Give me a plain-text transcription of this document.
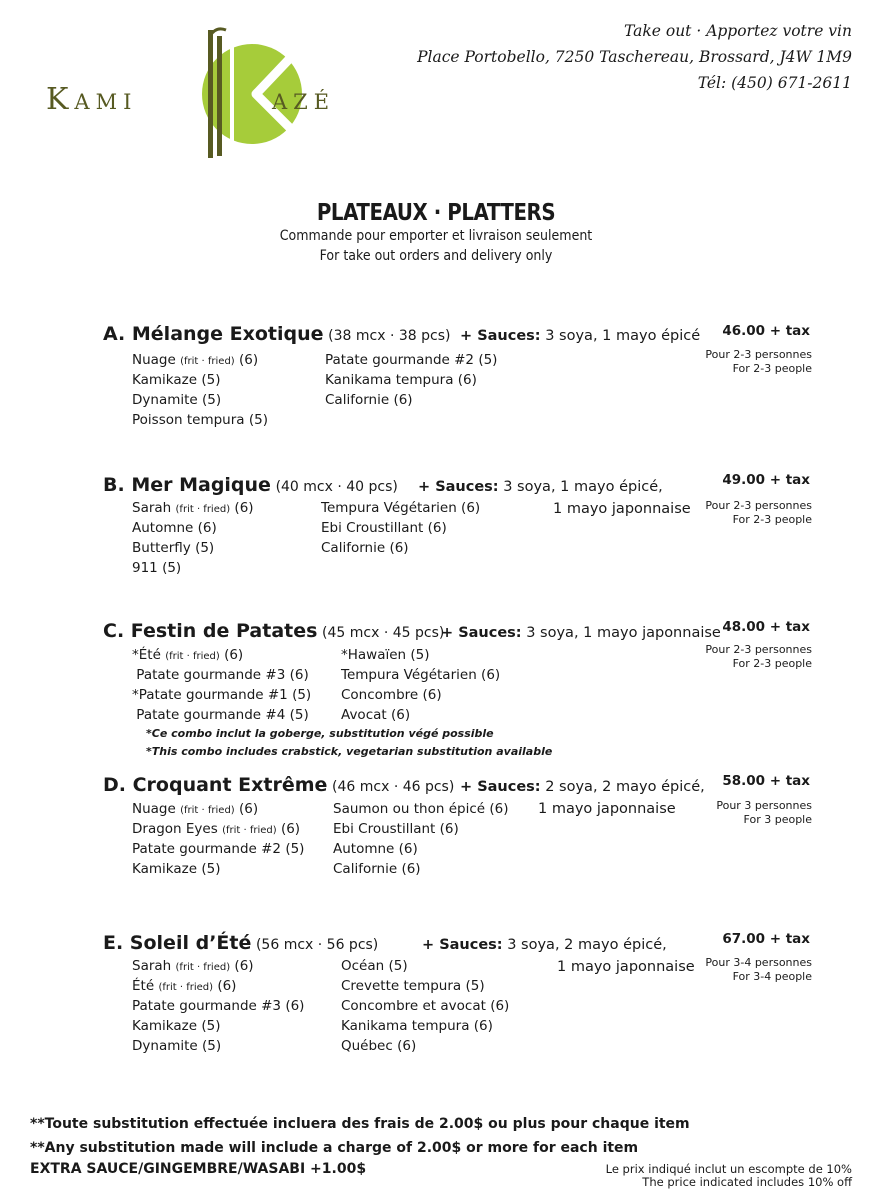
Kami	azé
Take out · Apportez votre vin
Place Portobello, 7250 Taschereau, Brossard, J4W 1M9
Tél: (450) 671-2611
PLATEAUX · PLATTERS
Commande pour emporter et livraison seulement
For take out orders and delivery only
A. Mélange Exotique (38 mcx · 38 pcs) + Sauces: 3 soya, 1 mayo épicé 46.00 + tax
Pour 2-3 personnes
For 2-3 people
Nuage (frit · fried) (6)
Kamikaze (5)
Dynamite (5)
Poisson tempura (5)
Patate gourmande #2 (5)
Kanikama tempura (6)
Californie (6)
B. Mer Magique (40 mcx · 40 pcs) + Sauces: 3 soya, 1 mayo épicé,
1 mayo japonnaise
49.00 + tax
Pour 2-3 personnes
For 2-3 people
Sarah (frit · fried) (6)
Automne (6)
Butterfly (5)
911 (5)
Tempura Végétarien (6)
Ebi Croustillant (6)
Californie (6)
C. Festin de Patates (45 mcx · 45 pcs)
+ Sauces: 3 soya, 1 mayo japonnaise 48.00 + tax
Pour 2-3 personnes
For 2-3 people
*Été (frit · fried) (6)
Patate gourmande #3 (6)
*Patate gourmande #1 (5)
Patate gourmande #4 (5)
*Hawaïen (5)
Tempura Végétarien (6)
Concombre (6)
Avocat (6)
*Ce combo inclut la goberge, substitution végé possible
*This combo includes crabstick, vegetarian substitution available
D. Croquant Extrême (46 mcx · 46 pcs) + Sauces: 2 soya, 2 mayo épicé,
1 mayo japonnaise
58.00 + tax
Pour 3 personnes
For 3 people
Nuage (frit · fried) (6)
Dragon Eyes (frit · fried) (6)
Patate gourmande #2 (5)
Kamikaze (5)
Saumon ou thon épicé (6)
Ebi Croustillant (6)
Automne (6)
Californie (6)
E. Soleil d’Été (56 mcx · 56 pcs)	+ Sauces: 3 soya, 2 mayo épicé,
1 mayo japonnaise
67.00 + tax
Pour 3-4 personnes
For 3-4 people
Sarah (frit · fried) (6)
Été (frit · fried) (6)
Patate gourmande #3 (6)
Kamikaze (5)
Dynamite (5)
Océan (5)
Crevette tempura (5)
Concombre et avocat (6)
Kanikama tempura (6)
Québec (6)
**Toute substitution effectuée incluera des frais de 2.00$ ou plus pour chaque item
**Any substitution made will include a charge of 2.00$ or more for each item
EXTRA SAUCE/GINGEMBRE/WASABI +1.00$	Le prix indiqué inclut un escompte de 10%
The price indicated includes 10% off
